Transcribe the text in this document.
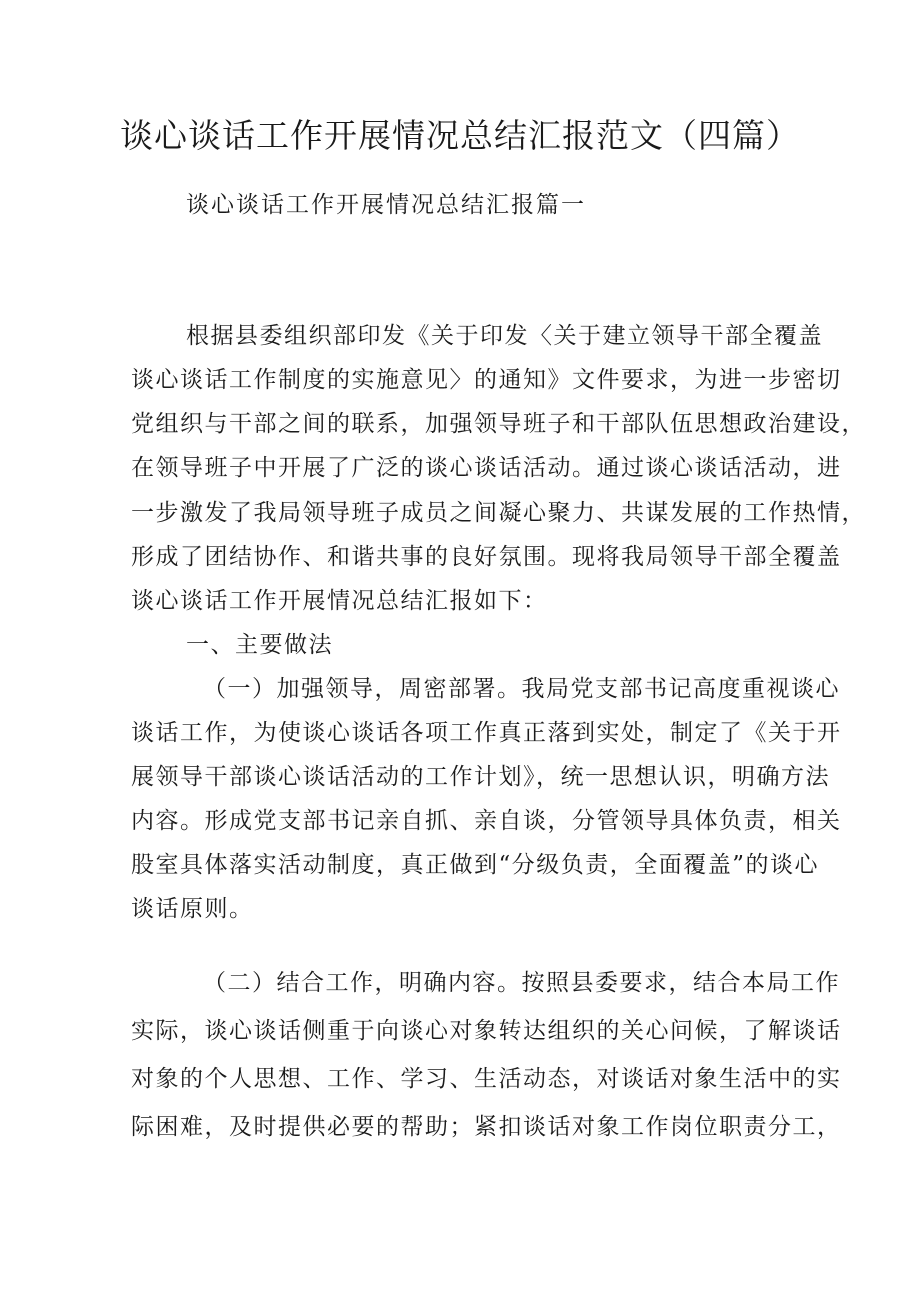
谈心谈话工作开展情况总结汇报范文（四篇）
谈心谈话工作开展情况总结汇报篇一

根据县委组织部印发《关于印发〈关于建立领导干部全覆盖

谈心谈话工作制度的实施意见〉的通知》文件要求，为进一步密切

党组织与干部之间的联系，加强领导班子和干部队伍思想政治建设，

在领导班子中开展了广泛的谈心谈话活动。通过谈心谈话活动，进

一步激发了我局领导班子成员之间凝心聚力、共谋发展的工作热情，

形成了团结协作、和谐共事的良好氛围。现将我局领导干部全覆盖

谈心谈话工作开展情况总结汇报如下：

一、主要做法

（一）加强领导，周密部署。我局党支部书记高度重视谈心

谈话工作，为使谈心谈话各项工作真正落到实处，制定了《关于开

展领导干部谈心谈话活动的工作计划》，统一思想认识，明确方法

内容。形成党支部书记亲自抓、亲自谈，分管领导具体负责，相关

股室具体落实活动制度，真正做到“分级负责，全面覆盖”的谈心

谈话原则。

（二）结合工作，明确内容。按照县委要求，结合本局工作

实际，谈心谈话侧重于向谈心对象转达组织的关心问候，了解谈话

对象的个人思想、工作、学习、生活动态，对谈话对象生活中的实

际困难，及时提供必要的帮助；紧扣谈话对象工作岗位职责分工，
